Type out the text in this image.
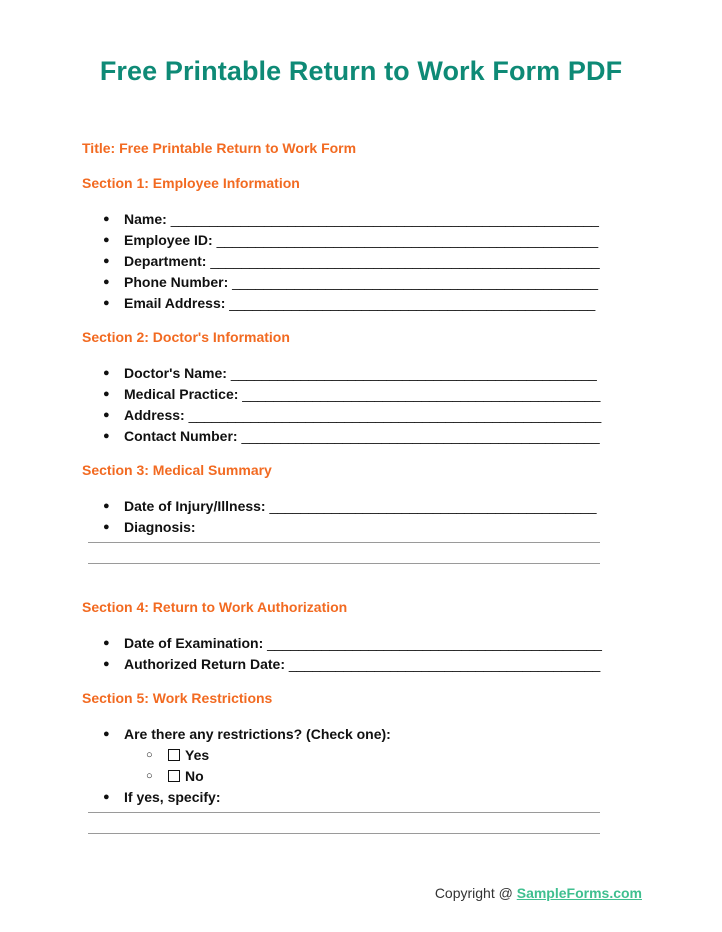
Free Printable Return to Work Form PDF

Title: Free Printable Return to Work Form

Section 1: Employee Information

● Name: _______________________________________________________
● Employee ID: _________________________________________________
● Department: __________________________________________________
● Phone Number: _______________________________________________
● Email Address: _______________________________________________

Section 2: Doctor's Information

● Doctor's Name: _______________________________________________
● Medical Practice: ______________________________________________
● Address: _____________________________________________________
● Contact Number: ______________________________________________

Section 3: Medical Summary

● Date of Injury/Illness: __________________________________________
● Diagnosis:

Section 4: Return to Work Authorization

● Date of Examination: ___________________________________________
● Authorized Return Date: ________________________________________

Section 5: Work Restrictions

● Are there any restrictions? (Check one):
○ Yes
○ No
● If yes, specify:
Copyright @ SampleForms.com
